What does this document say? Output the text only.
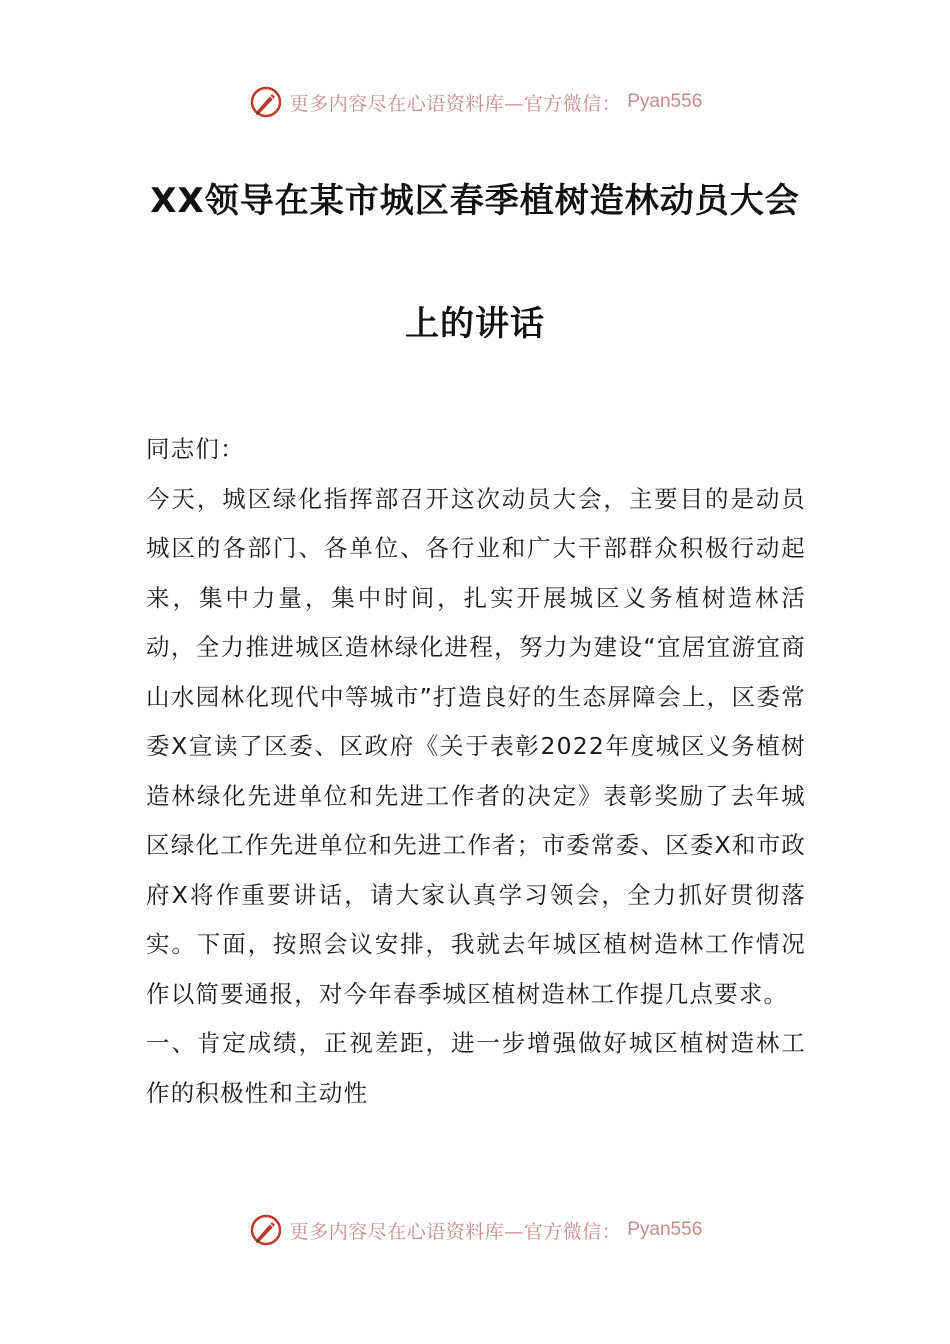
更多内容尽在心语资料库—官方微信： Pyan556
XX领导在某市城区春季植树造林动员大会
上的讲话

同志们：

今天，城区绿化指挥部召开这次动员大会，主要目的是动员城区的各部门、各单位、各行业和广大干部群众积极行动起来，集中力量，集中时间，扎实开展城区义务植树造林活动，全力推进城区造林绿化进程，努力为建设“宜居宜游宜商山水园林化现代中等城市”打造良好的生态屏障会上，区委常委X宣读了区委、区政府《关于表彰2022年度城区义务植树造林绿化先进单位和先进工作者的决定》表彰奖励了去年城区绿化工作先进单位和先进工作者；市委常委、区委X和市政府X将作重要讲话，请大家认真学习领会，全力抓好贯彻落实。下面，按照会议安排，我就去年城区植树造林工作情况作以简要通报，对今年春季城区植树造林工作提几点要求。

一、肯定成绩，正视差距，进一步增强做好城区植树造林工作的积极性和主动性

更多内容尽在心语资料库—官方微信： Pyan556
